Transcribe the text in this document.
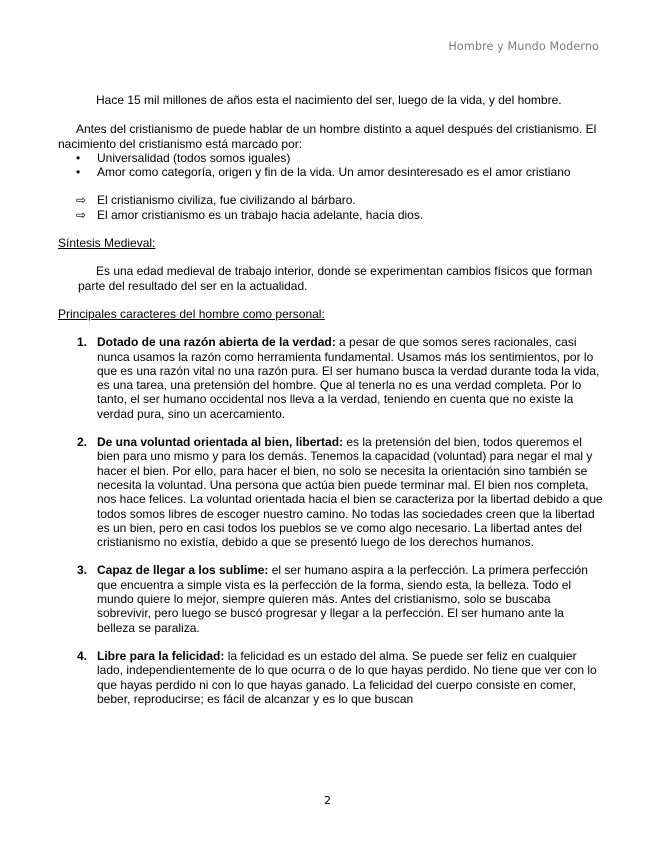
Hombre y Mundo Moderno

Hace 15 mil millones de años esta el nacimiento del ser, luego de la vida, y del hombre.

Antes del cristianismo de puede hablar de un hombre distinto a aquel después del cristianismo. El nacimiento del cristianismo está marcado por:

• Universalidad (todos somos iguales)
• Amor como categoría, origen y fin de la vida. Un amor desinteresado es el amor cristiano
⇨ El cristianismo civiliza, fue civilizando al bárbaro.
⇨ El amor cristianismo es un trabajo hacia adelante, hacia dios.

Síntesis Medieval:

Es una edad medieval de trabajo interior, donde se experimentan cambios físicos que forman parte del resultado del ser en la actualidad.

Principales caracteres del hombre como personal:

1. Dotado de una razón abierta de la verdad: a pesar de que somos seres racionales, casi nunca usamos la razón como herramienta fundamental. Usamos más los sentimientos, por lo que es una razón vital no una razón pura. El ser humano busca la verdad durante toda la vida, es una tarea, una pretensión del hombre. Que al tenerla no es una verdad completa. Por lo tanto, el ser humano occidental nos lleva a la verdad, teniendo en cuenta que no existe la verdad pura, sino un acercamiento.
2. De una voluntad orientada al bien, libertad: es la pretensión del bien, todos queremos el bien para uno mismo y para los demás. Tenemos la capacidad (voluntad) para negar el mal y hacer el bien. Por ello, para hacer el bien, no solo se necesita la orientación sino también se necesita la voluntad. Una persona que actúa bien puede terminar mal. El bien nos completa, nos hace felices. La voluntad orientada hacia el bien se caracteriza por la libertad debido a que todos somos libres de escoger nuestro camino. No todas las sociedades creen que la libertad es un bien, pero en casi todos los pueblos se ve como algo necesario. La libertad antes del cristianismo no existía, debido a que se presentó luego de los derechos humanos.
3. Capaz de llegar a los sublime: el ser humano aspira a la perfección. La primera perfección que encuentra a simple vista es la perfección de la forma, siendo esta, la belleza. Todo el mundo quiere lo mejor, siempre quieren más. Antes del cristianismo, solo se buscaba sobrevivir, pero luego se buscó progresar y llegar a la perfección. El ser humano ante la belleza se paraliza.
4. Libre para la felicidad: la felicidad es un estado del alma. Se puede ser feliz en cualquier lado, independientemente de lo que ocurra o de lo que hayas perdido. No tiene que ver con lo que hayas perdido ni con lo que hayas ganado. La felicidad del cuerpo consiste en comer, beber, reproducirse; es fácil de alcanzar y es lo que buscan
2
